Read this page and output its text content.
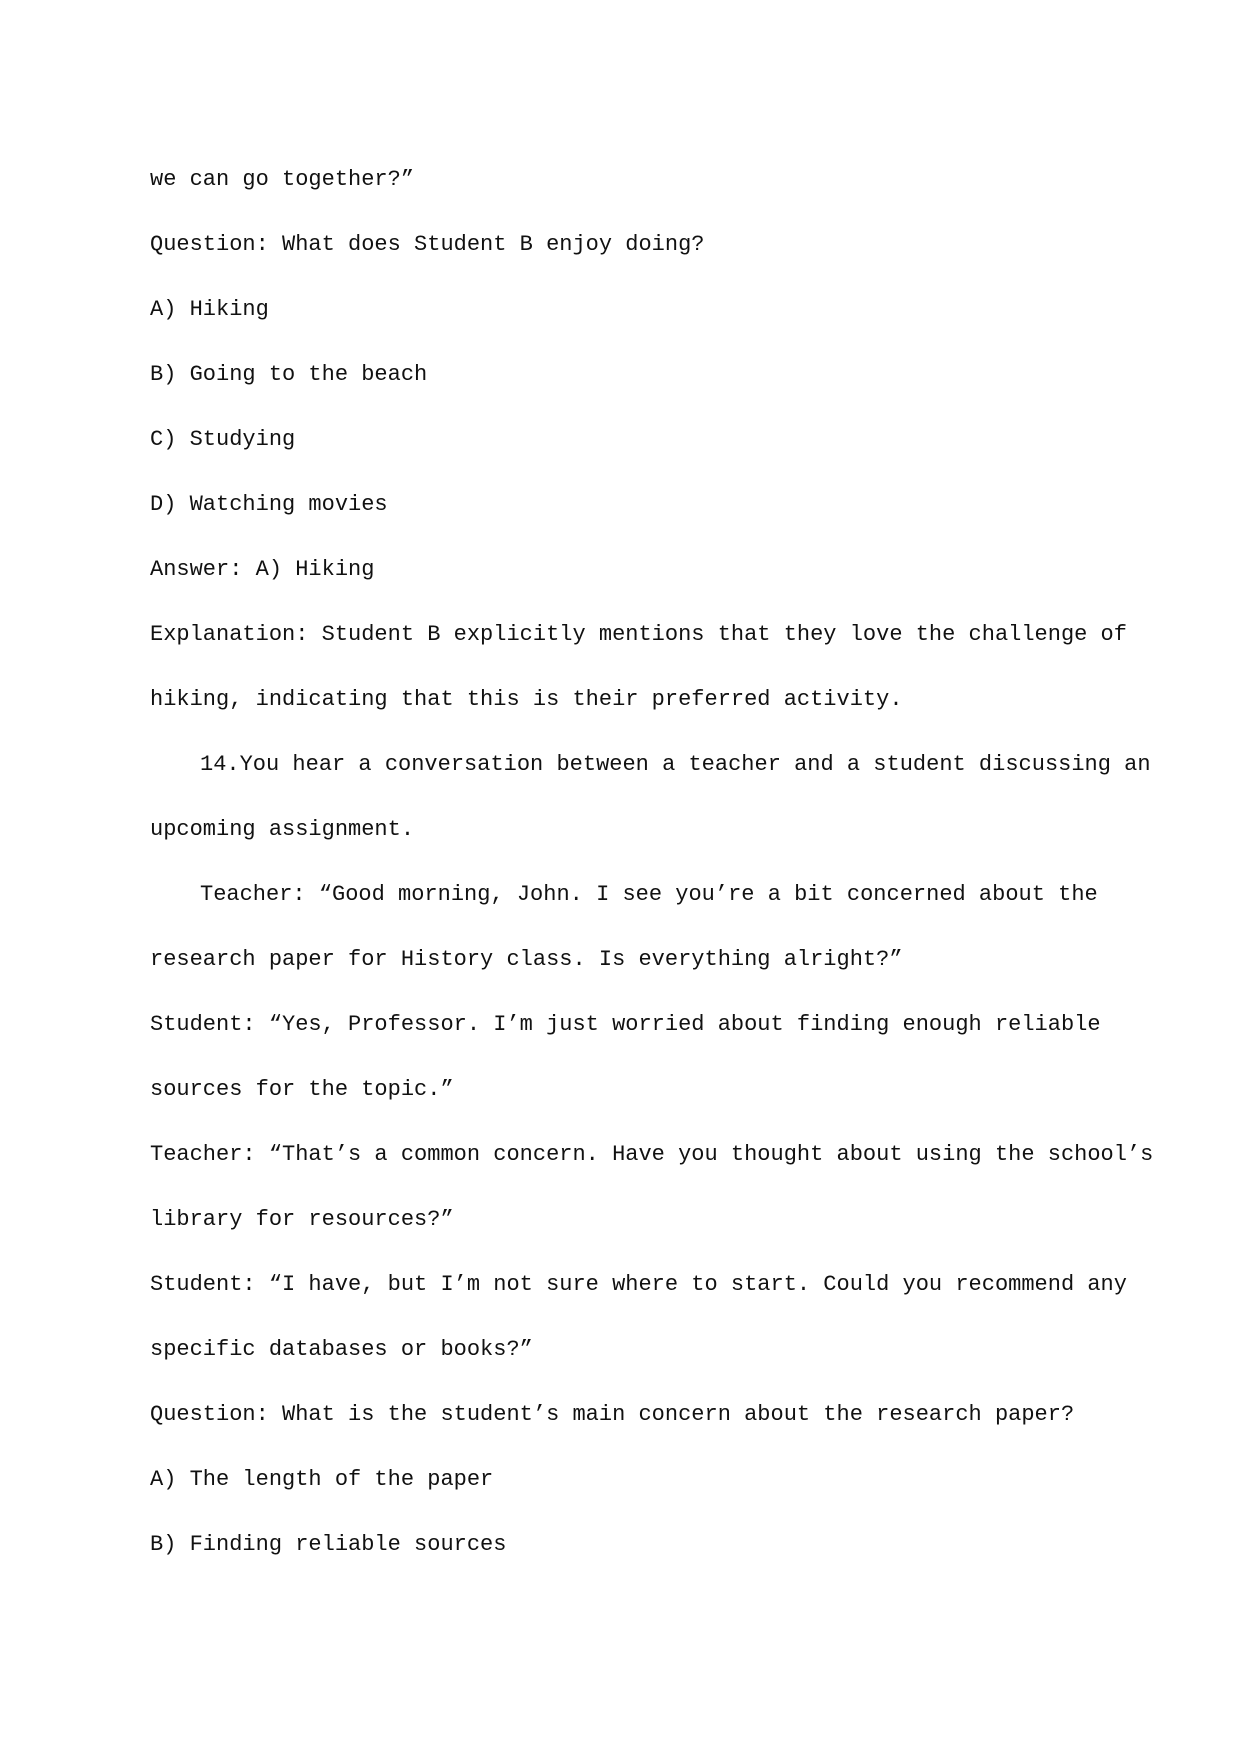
we can go together?”
Question: What does Student B enjoy doing?
A) Hiking
B) Going to the beach
C) Studying
D) Watching movies
Answer: A) Hiking
Explanation: Student B explicitly mentions that they love the challenge of
hiking, indicating that this is their preferred activity.
14.You hear a conversation between a teacher and a student discussing an
upcoming assignment.
Teacher: “Good morning, John. I see you’re a bit concerned about the
research paper for History class. Is everything alright?”
Student: “Yes, Professor. I’m just worried about finding enough reliable
sources for the topic.”
Teacher: “That’s a common concern. Have you thought about using the school’s
library for resources?”
Student: “I have, but I’m not sure where to start. Could you recommend any
specific databases or books?”
Question: What is the student’s main concern about the research paper?
A) The length of the paper
B) Finding reliable sources
